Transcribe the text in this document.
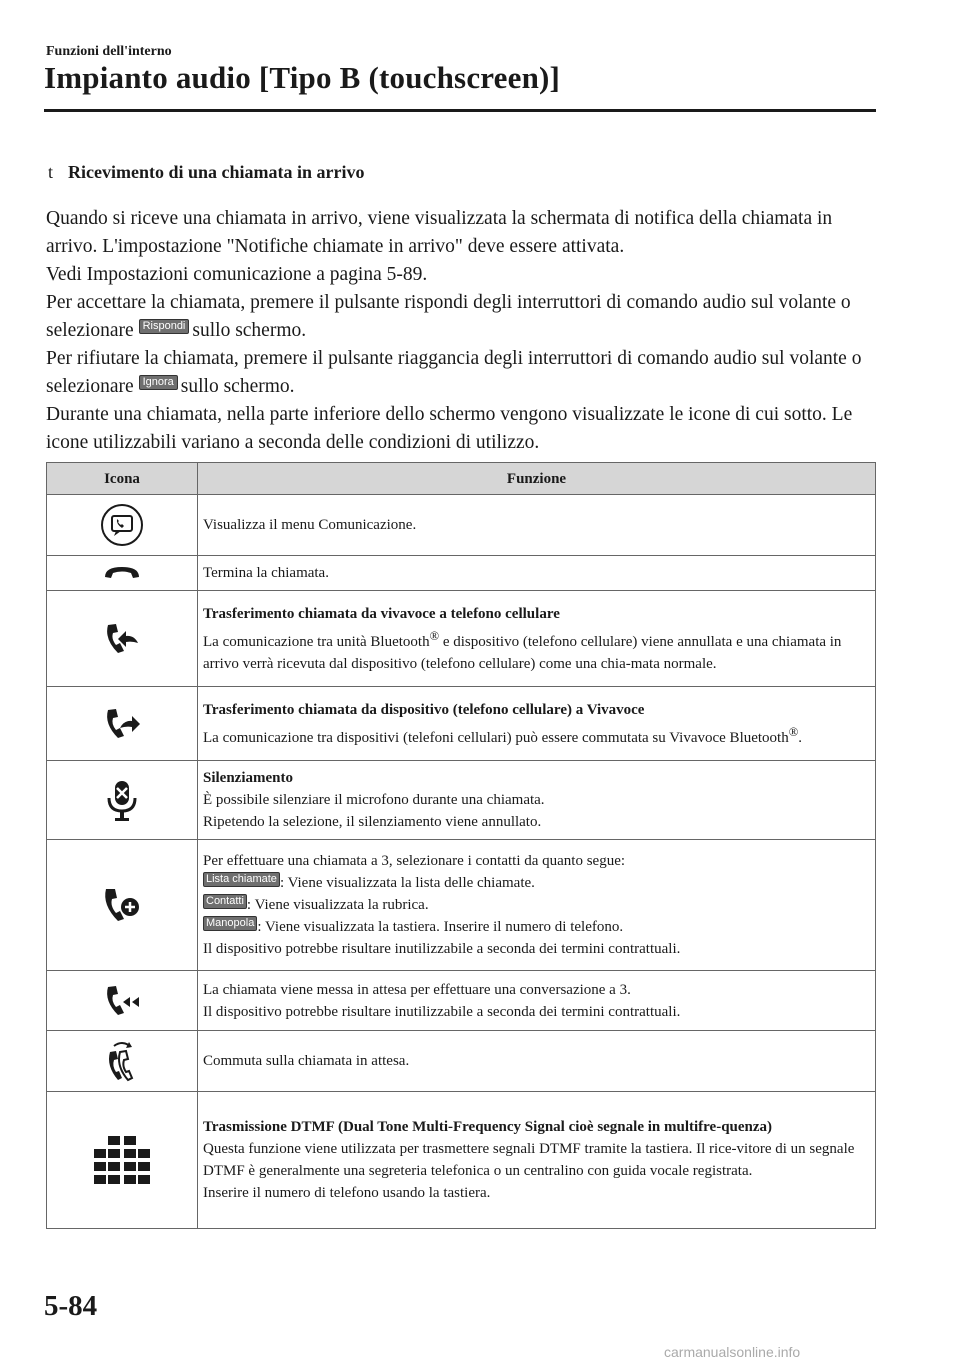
Funzioni dell'interno
Impianto audio [Tipo B (touchscreen)]
t Ricevimento di una chiamata in arrivo

Quando si riceve una chiamata in arrivo, viene visualizzata la schermata di notifica della chiamata in arrivo. L'impostazione "Notifiche chiamate in arrivo" deve essere attivata.

Vedi Impostazioni comunicazione a pagina 5-89.

Per accettare la chiamata, premere il pulsante rispondi degli interruttori di comando audio sul volante o selezionare Rispondi sullo schermo.

Per rifiutare la chiamata, premere il pulsante riaggancia degli interruttori di comando audio sul volante o selezionare Ignora sullo schermo.

Durante una chiamata, nella parte inferiore dello schermo vengono visualizzate le icone di cui sotto. Le icone utilizzabili variano a seconda delle condizioni di utilizzo.

Icona	Funzione

	Visualizza il menu Comunicazione.

	Termina la chiamata.

Trasferimento chiamata da vivavoce a telefono cellulare
La comunicazione tra unità Bluetooth® e dispositivo (telefono cellulare) viene annullata e una chiamata in arrivo verrà ricevuta dal dispositivo (telefono cellulare) come una chia-mata normale.

Trasferimento chiamata da dispositivo (telefono cellulare) a Vivavoce
La comunicazione tra dispositivi (telefoni cellulari) può essere commutata su Vivavoce Bluetooth®.

Silenziamento
È possibile silenziare il microfono durante una chiamata.
Ripetendo la selezione, il silenziamento viene annullato.

Per effettuare una chiamata a 3, selezionare i contatti da quanto segue:
Lista chiamate : Viene visualizzata la lista delle chiamate.
Contatti : Viene visualizzata la rubrica.
Manopola : Viene visualizzata la tastiera. Inserire il numero di telefono.
Il dispositivo potrebbe risultare inutilizzabile a seconda dei termini contrattuali.

La chiamata viene messa in attesa per effettuare una conversazione a 3.
Il dispositivo potrebbe risultare inutilizzabile a seconda dei termini contrattuali.

	Commuta sulla chiamata in attesa.

Trasmissione DTMF (Dual Tone Multi-Frequency Signal cioè segnale in multifre-quenza)
Questa funzione viene utilizzata per trasmettere segnali DTMF tramite la tastiera. Il rice-vitore di un segnale DTMF è generalmente una segreteria telefonica o un centralino con guida vocale registrata.
Inserire il numero di telefono usando la tastiera.
5-84
carmanualsonline.info
